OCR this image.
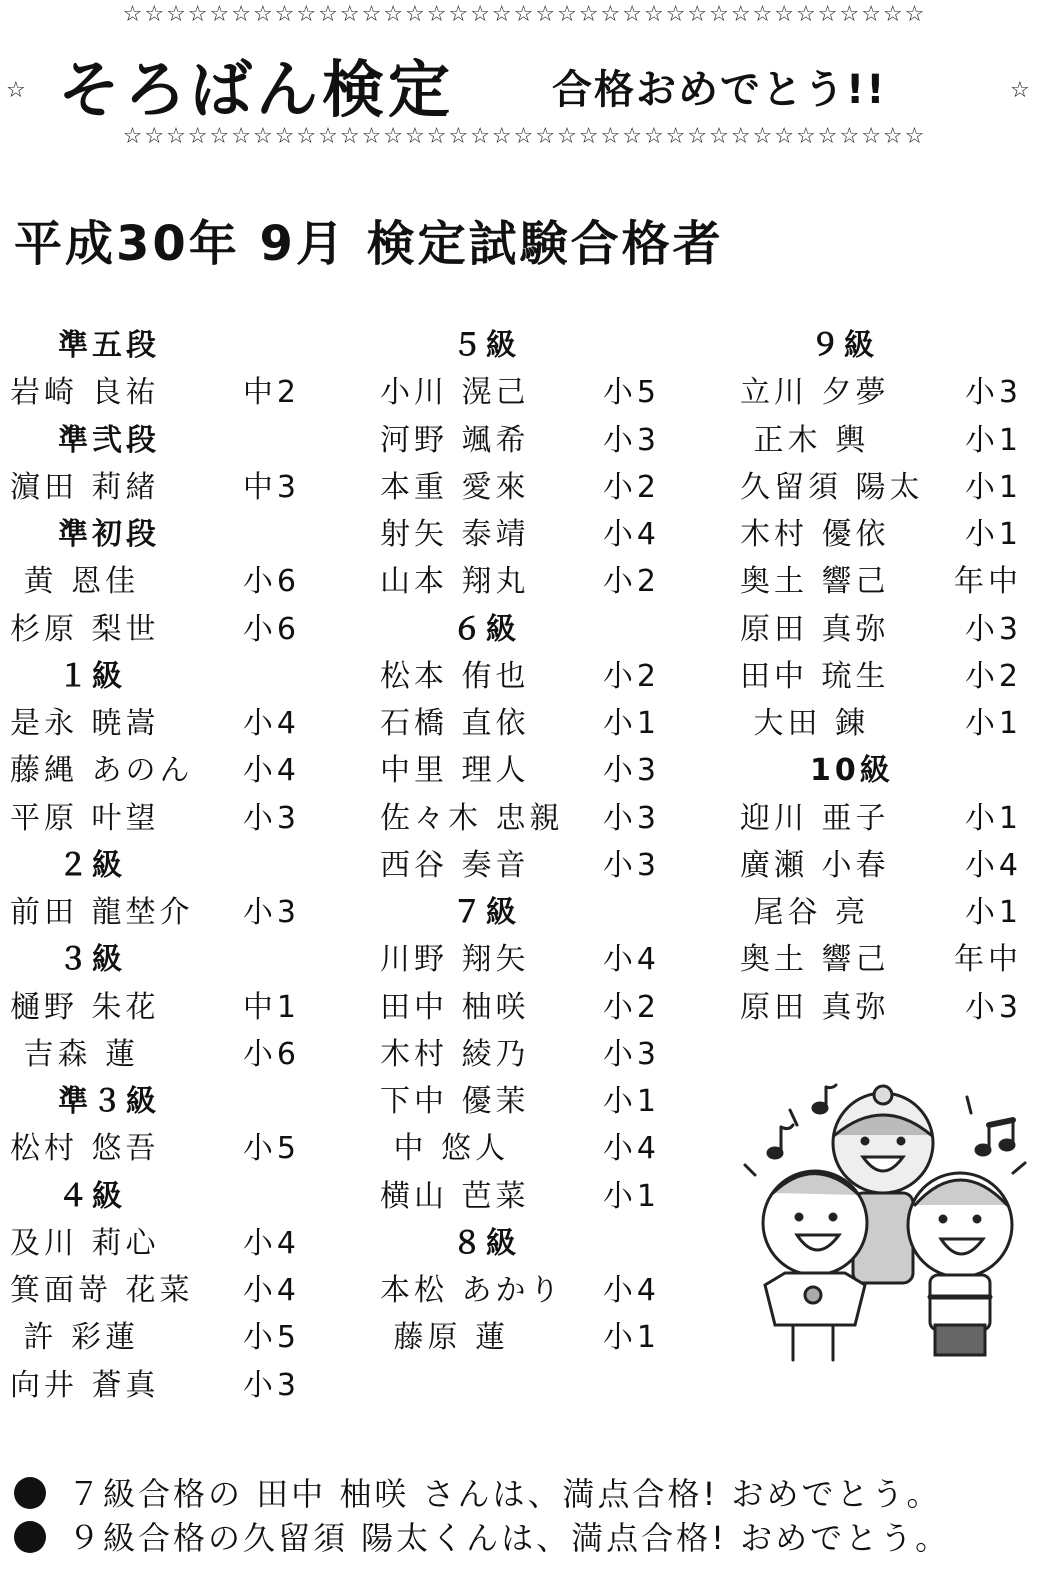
☆☆☆☆☆☆☆☆☆☆☆☆☆☆☆☆☆☆☆☆☆☆☆☆☆☆☆☆☆☆☆☆☆☆☆☆☆
☆ そろばん検定 合格おめでとう!!	☆
☆☆☆☆☆☆☆☆☆☆☆☆☆☆☆☆☆☆☆☆☆☆☆☆☆☆☆☆☆☆☆☆☆☆☆☆☆
平成30年 9月 検定試験合格者
準五段
岩崎 良祐	中2
準弐段
濵田 莉緒	中3
準初段
黄 恩佳	小6
杉原 梨世	小6
１級
是永 暁嵩	小4
藤縄 あのん 小4
平原 叶望	小3
２級
前田 龍埜介 小3
３級
樋野 朱花	中1
吉森 蓮	小6
準３級
松村 悠吾	小5
４級
及川 莉心	小4
箕面嵜 花菜 小4
許 彩蓮	小5
向井 蒼真	小3
５級
小川 滉己 小5
河野 颯希 小3
本重 愛來 小2
射矢 泰靖 小4
山本 翔丸 小2
６級
松本 侑也 小2
石橋 直依 小1
中里 理人 小3
佐々木 忠親 小3
西谷 奏音 小3
７級
川野 翔矢 小4
田中 柚咲 小2
木村 綾乃 小3
下中 優茉 小1
中 悠人	小4
横山 芭菜 小1
８級
本松 あかり 小4
藤原 蓮	小1
９級
立川 夕夢	小3
正木 輿	小1
久留須 陽太 小1
木村 優依	小1
奥土 響己 年中
原田 真弥	小3
田中 琉生	小2
大田 錬	小1
10級
迎川 亜子	小1
廣瀬 小春	小4
尾谷 亮	小1
奥土 響己 年中
原田 真弥	小3
７級合格の 田中 柚咲 さんは、満点合格! おめでとう。
９級合格の久留須 陽太くんは、満点合格! おめでとう。
